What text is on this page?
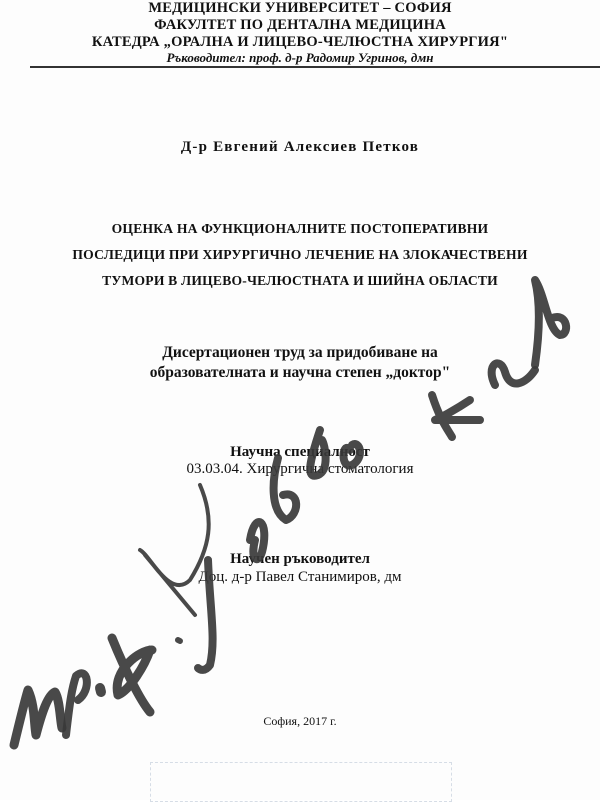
МЕДИЦИНСКИ УНИВЕРСИТЕТ – СОФИЯ
ФАКУЛТЕТ ПО ДЕНТАЛНА МЕДИЦИНА
КАТЕДРА „ОРАЛНА И ЛИЦЕВО-ЧЕЛЮСТНА ХИРУРГИЯ"
Ръководител: проф. д-р Радомир Угринов, дмн
Д-р Евгений Алексиев Петков
ОЦЕНКА НА ФУНКЦИОНАЛНИТЕ ПОСТОПЕРАТИВНИ
ПОСЛЕДИЦИ ПРИ ХИРУРГИЧНО ЛЕЧЕНИЕ НА ЗЛОКАЧЕСТВЕНИ
ТУМОРИ В ЛИЦЕВО-ЧЕЛЮСТНАТА И ШИЙНА ОБЛАСТИ
Дисертационен труд за придобиване на
образователната и научна степен „доктор"
Научна специалност
03.03.04. Хирургична стоматология
Научен ръководител
Доц. д-р Павел Станимиров, дм
София, 2017 г.
